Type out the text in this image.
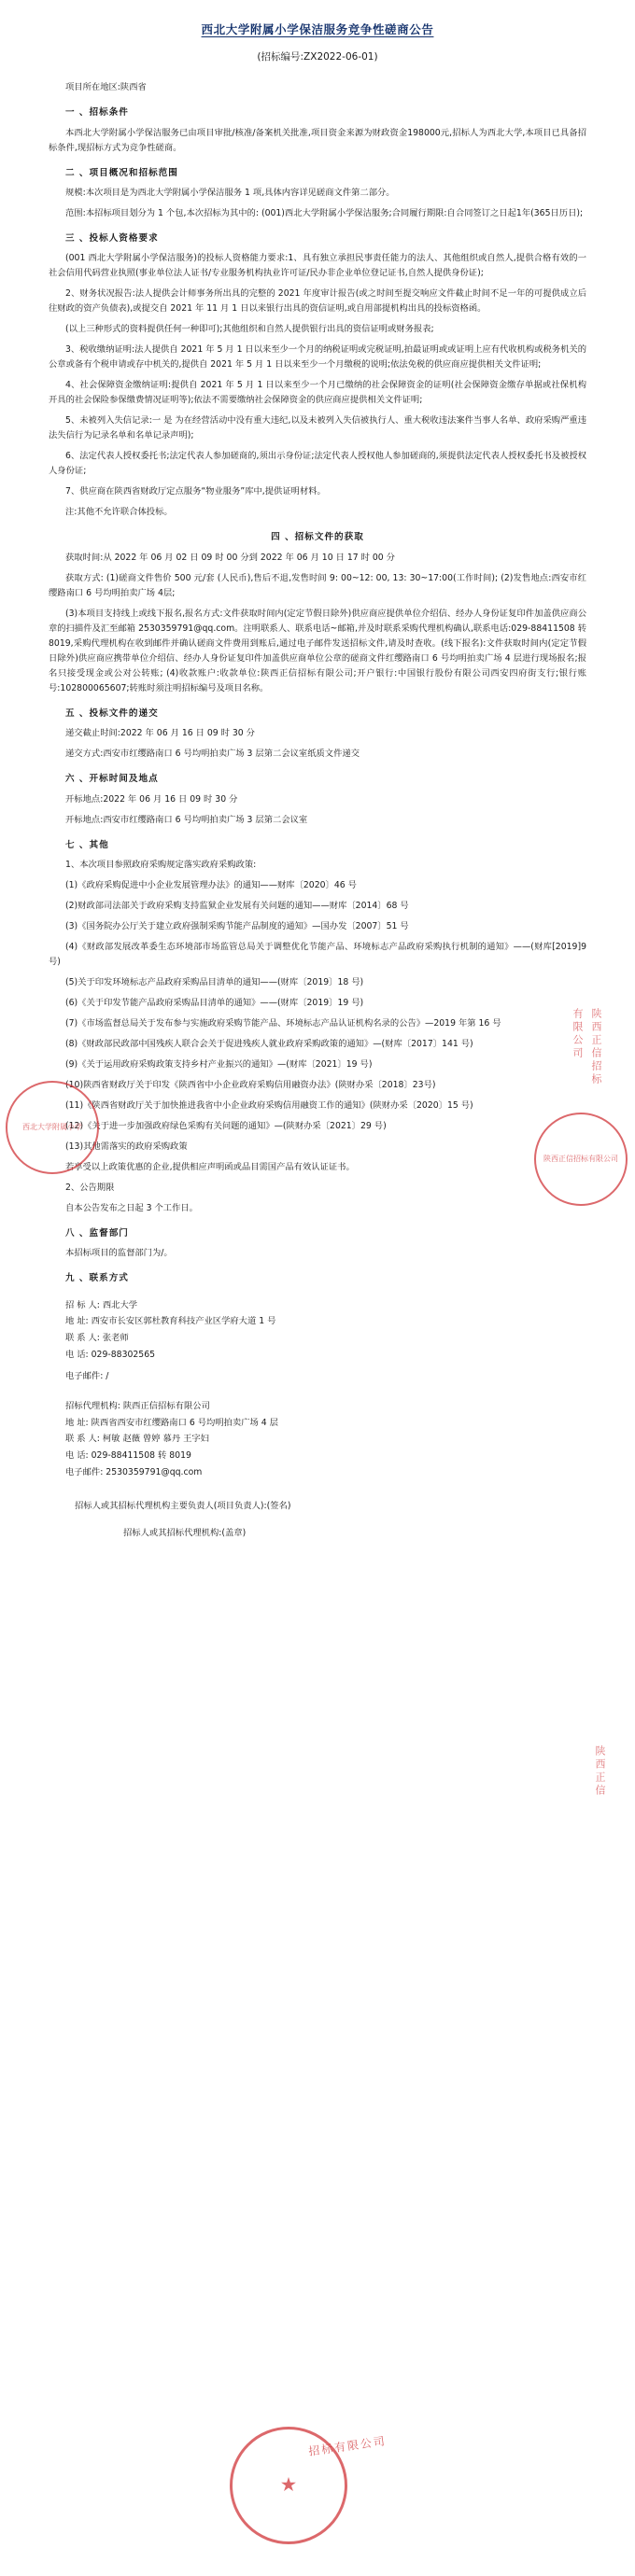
西北大学附属小学保洁服务竞争性磋商公告

(招标编号:ZX2022-06-01)

项目所在地区:陕西省

一 、招标条件

本西北大学附属小学保洁服务已由项目审批/核准/备案机关批准,项目资金来源为财政资金198000元,招标人为西北大学,本项目已具备招标条件,现招标方式为竞争性磋商。

二 、项目概况和招标范围

规模:本次项目是为西北大学附属小学保洁服务 1 项,具体内容详见磋商文件第二部分。

范围:本招标项目划分为 1 个包,本次招标为其中的: (001)西北大学附属小学保洁服务;合同履行期限:自合同签订之日起1年(365日历日);

三 、投标人资格要求

(001 西北大学附属小学保洁服务)的投标人资格能力要求:1、具有独立承担民事责任能力的法人、其他组织或自然人,提供合格有效的一社会信用代码营业执照(事业单位法人证书/专业服务机构执业许可证/民办非企业单位登记证书,自然人提供身份证);

2、财务状况报告:法人提供会计师事务所出具的完整的 2021 年度审计报告(或之时间至提交响应文件截止时间不足一年的可提供成立后往财政的资产负债表),或提交自 2021 年 11 月 1 日以来银行出具的资信证明,或自用部提机构出具的投标资格函。

(以上三种形式的资料提供任何一种即可);其他组织和自然人提供银行出具的资信证明或财务报表;

3、税收缴纳证明:法人提供自 2021 年 5 月 1 日以来至少一个月的纳税证明或完税证明,拍最证明或或证明上应有代收机构或税务机关的公章或备有个税申请或存中机关的,提供自 2021 年 5 月 1 日以来至少一个月缴税的说明;依法免税的供应商应提供相关文件证明;

4、社会保障资金缴纳证明:提供自 2021 年 5 月 1 日以来至少一个月已缴纳的社会保障资金的证明(社会保障资金缴存单据或社保机构开具的社会保险参保缴费情况证明等);依法不需要缴纳社会保障资金的供应商应提供相关文件证明;

5、未被列入失信记录:一 是 为在经营活动中没有重大违纪,以及未被列入失信被执行人、重大税收违法案件当事人名单、政府采购严重违法失信行为记录名单和名单记录声明);

6、法定代表人授权委托书;法定代表人参加磋商的,须出示身份证;法定代表人授权他人参加磋商的,须提供法定代表人授权委托书及被授权人身份证;

7、供应商在陕西省财政厅定点服务“物业服务”库中,提供证明材料。

注:其他不允许联合体投标。

四 、招标文件的获取

获取时间:从 2022 年 06 月 02 日 09 时 00 分到 2022 年 06 月 10 日 17 时 00 分

获取方式: (1)磋商文件售价 500 元/套 (人民币),售后不退,发售时间 9: 00~12: 00, 13: 30~17:00(工作时间); (2)发售地点:西安市红缨路南口 6 号均明拍卖广场 4层;

(3)本项目支持线上或线下报名,报名方式:文件获取时间内(定定节假日除外)供应商应提供单位介绍信、经办人身份证复印件加盖供应商公章的扫描件及汇至邮箱 2530359791@qq.com。注明联系人、联系电话~邮箱,并及时联系采购代理机构确认,联系电话:029-88411508 转 8019,采购代理机构在收到邮件并确认磋商文件费用到账后,通过电子邮件发送招标文件,请及时查收。(线下报名):文件获取时间内(定定节假日除外)供应商应携带单位介绍信、经办人身份证复印件加盖供应商单位公章的磋商文件红缨路南口 6 号均明拍卖广场 4 层进行现场报名;报名只接受现金或公对公转账; (4)收款账户:收款单位:陕西正信招标有限公司;开户银行:中国银行股份有限公司西安四府街支行;银行账号:102800065607;转账时须注明招标编号及项目名称。

五 、投标文件的递交

递交截止时间:2022 年 06 月 16 日 09 时 30 分

递交方式:西安市红缨路南口 6 号均明拍卖广场 3 层第二会议室纸质文件递交

六 、开标时间及地点

开标地点:2022 年 06 月 16 日 09 时 30 分

开标地点:西安市红缨路南口 6 号均明拍卖广场 3 层第二会议室

七 、其他

1、本次项目参照政府采购规定落实政府采购政策:

(1)《政府采购促进中小企业发展管理办法》的通知——财库〔2020〕46 号

(2)财政部司法部关于政府采购支持监狱企业发展有关问题的通知——财库〔2014〕68 号

(3)《国务院办公厅关于建立政府强制采购节能产品制度的通知》—国办发〔2007〕51 号

(4)《财政部发展改革委生态环境部市场监管总局关于调整优化节能产品、环境标志产品政府采购执行机制的通知》——(财库[2019]9 号)

(5)关于印发环境标志产品政府采购品目清单的通知——(财库〔2019〕18 号)

(6)《关于印发节能产品政府采购品目清单的通知》——(财库〔2019〕19 号)

(7)《市场监督总局关于发布参与实施政府采购节能产品、环境标志产品认证机构名录的公告》—2019 年第 16 号

(8)《财政部民政部中国残疾人联合会关于促进残疾人就业政府采购政策的通知》—(财库〔2017〕141 号)

(9)《关于运用政府采购政策支持乡村产业振兴的通知》—(财库〔2021〕19 号)

(10)陕西省财政厅关于印发《陕西省中小企业政府采购信用融资办法》(陕财办采〔2018〕23号)

(11)《陕西省财政厅关于加快推进我省中小企业政府采购信用融资工作的通知》(陕财办采〔2020〕15 号)

(12)《关于进一步加强政府绿色采购有关问题的通知》—(陕财办采〔2021〕29 号)

(13)其他需落实的政府采购政策

若享受以上政策优惠的企业,提供相应声明函或品目需国产品有效认证证书。

2、公告期限

自本公告发布之日起 3 个工作日。

八 、监督部门

本招标项目的监督部门为/。

九 、联系方式

招 标 人: 西北大学

地 址: 西安市长安区郭杜教育科技产业区学府大道 1 号

联 系 人: 张老师

电 话: 029-88302565

电子邮件: /

招标代理机构: 陕西正信招标有限公司

地 址: 陕西省西安市红缨路南口 6 号均明拍卖广场 4 层

联 系 人: 柯敏 赵薇 曾婷 慕丹 王字妇

电 话: 029-88411508 转 8019

电子邮件: 2530359791@qq.com

招标人或其招标代理机构主要负责人(项目负责人):(签名)

招标人或其招标代理机构:(盖章)

西北大学附属小学
陕西正信招标有限公司
★
陕西正信招标
有限公司
陕西正信
招标有限公司
